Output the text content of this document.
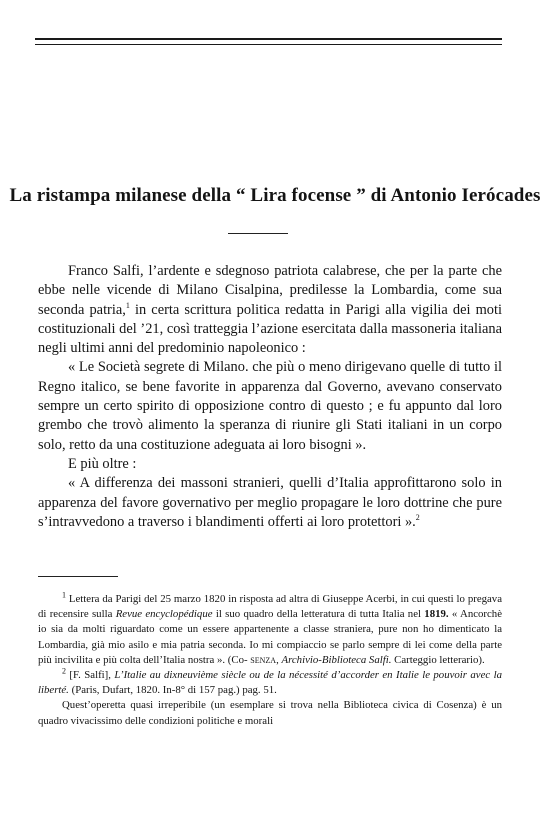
La ristampa milanese della “ Lira focense ” di Antonio Ierócades

Franco Salfi, l’ardente e sdegnoso patriota calabrese, che per la parte che ebbe nelle vicende di Milano Cisalpina, predilesse la Lombardia, come sua seconda patria,$^1$ in certa scrittura politica redatta in Parigi alla vigilia dei moti costituzionali del ’21, così tratteggia l’azione esercitata dalla massoneria italiana negli ultimi anni del predominio napoleonico :

« Le Società segrete di Milano. che più o meno dirigevano quelle di tutto il Regno italico, se bene favorite in apparenza dal Governo, avevano conservato sempre un certo spirito di opposizione contro di questo ; e fu appunto dal loro grembo che trovò alimento la speranza di riunire gli Stati italiani in un corpo solo, retto da una costituzione adeguata ai loro bisogni ».

E più oltre :

« A differenza dei massoni stranieri, quelli d’Italia approfittarono solo in apparenza del favore governativo per meglio propagare le loro dottrine che pure s’intravvedono a traverso i blandimenti offerti ai loro protettori ».$^2$

$^1$ Lettera da Parigi del 25 marzo 1820 in risposta ad altra di Giuseppe Acerbi, in cui questi lo pregava di recensire sulla Revue encyclopédique il suo quadro della letteratura di tutta Italia nel 1819. « Ancorchè io sia da molti riguardato come un essere appartenente a classe straniera, pure non ho dimenticato la Lombardia, già mio asilo e mia patria seconda. Io mi compiaccio se parlo sempre di lei come della parte più incivilita e più colta dell’Italia nostra ». (Co- senza, Archivio-Biblioteca Salfi. Carteggio letterario).

$^2$ [F. Salfi], L’Italie au dixneuvième siècle ou de la nécessité d’accorder en Italie le pouvoir avec la liberté. (Paris, Dufart, 1820. In-8° di 157 pag.) pag. 51.

Quest’operetta quasi irreperibile (un esemplare si trova nella Biblioteca civica di Cosenza) è un quadro vivacissimo delle condizioni politiche e morali
